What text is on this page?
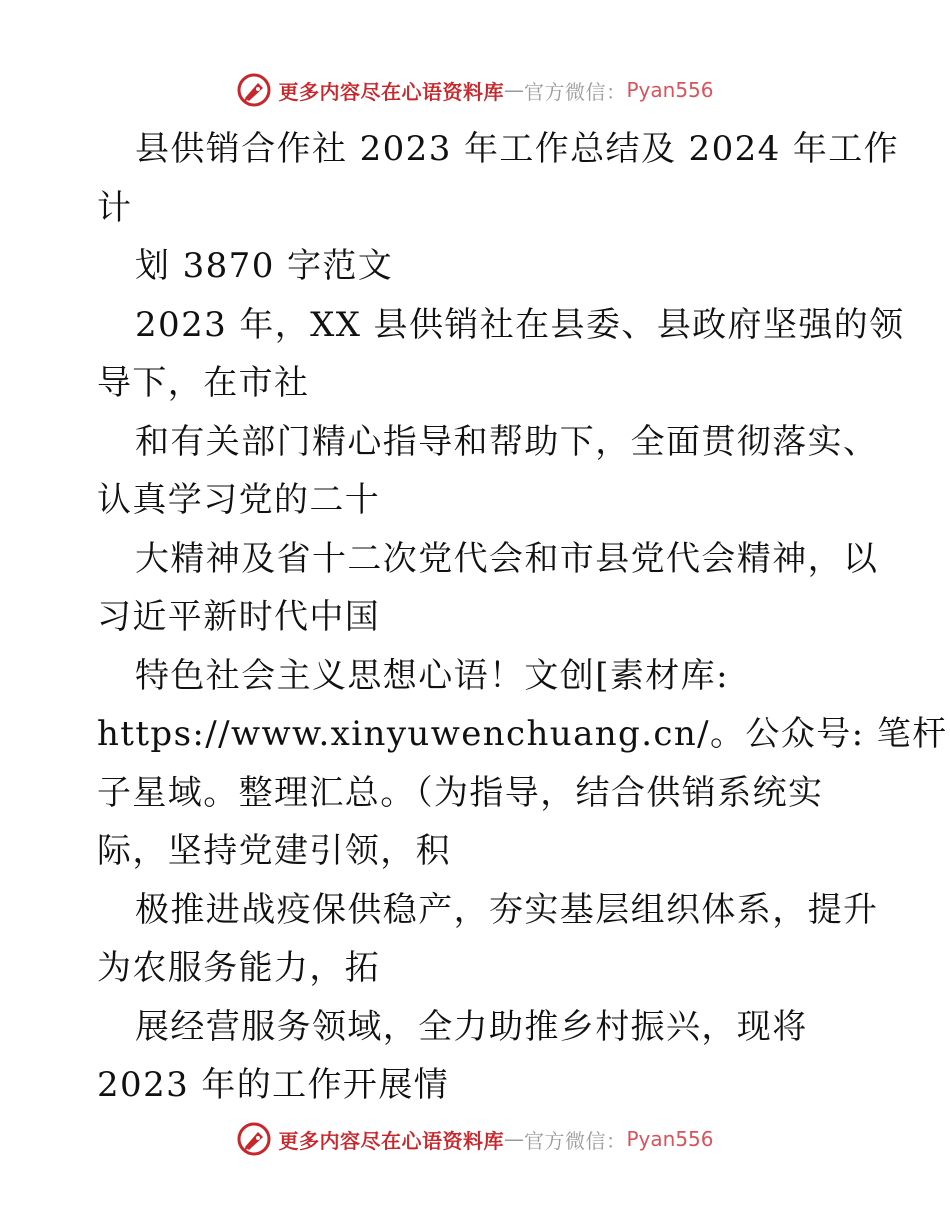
更多内容尽在心语资料库 — 官方微信： Pyan556
县供销合作社 2023 年工作总结及 2024 年工作
计
划 3870 字范文
2023 年，XX 县供销社在县委、县政府坚强的领
导下，在市社
和有关部门精心指导和帮助下，全面贯彻落实、
认真学习党的二十
大精神及省十二次党代会和市县党代会精神，以
习近平新时代中国
特色社会主义思想心语！文创[素材库:
https://www.xinyuwenchuang.cn/。公众号: 笔杆
子星域。整理汇总。（为指导，结合供销系统实
际，坚持党建引领，积
极推进战疫保供稳产，夯实基层组织体系，提升
为农服务能力，拓
展经营服务领域，全力助推乡村振兴，现将
2023 年的工作开展情
更多内容尽在心语资料库 — 官方微信： Pyan556
